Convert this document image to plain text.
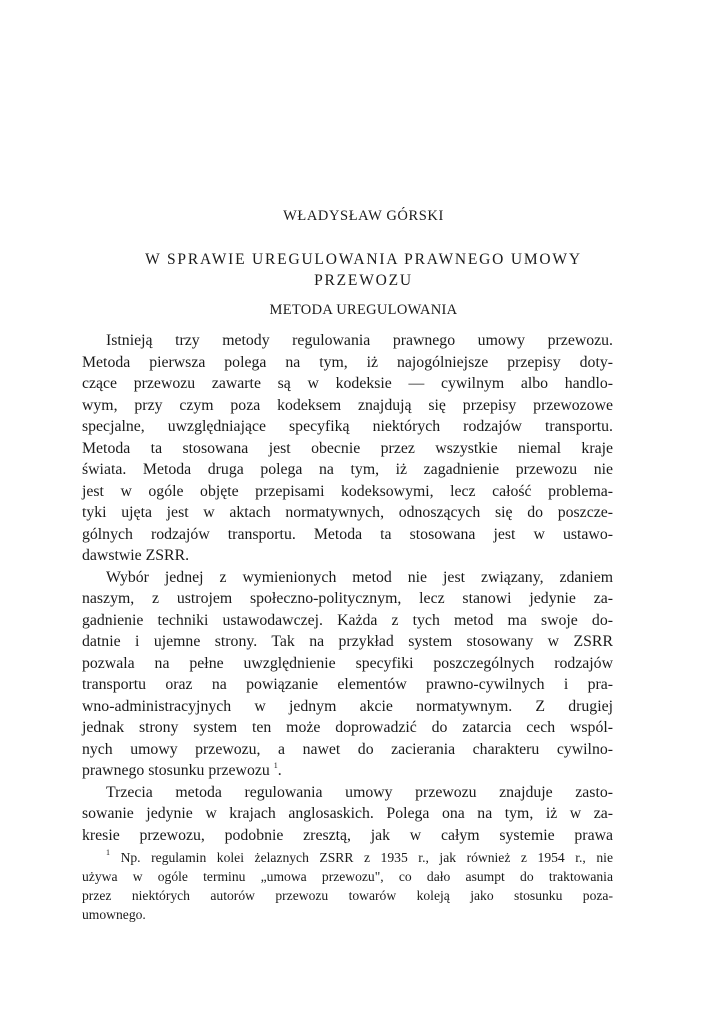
WŁADYSŁAW GÓRSKI
W SPRAWIE UREGULOWANIA PRAWNEGO UMOWY
PRZEWOZU
METODA UREGULOWANIA
Istnieją trzy metody regulowania prawnego umowy przewozu.
Metoda pierwsza polega na tym, iż najogólniejsze przepisy doty-
czące przewozu zawarte są w kodeksie — cywilnym albo handlo-
wym, przy czym poza kodeksem znajdują się przepisy przewozowe
specjalne, uwzględniające specyfiką niektórych rodzajów transportu.
Metoda ta stosowana jest obecnie przez wszystkie niemal kraje
świata. Metoda druga polega na tym, iż zagadnienie przewozu nie
jest w ogóle objęte przepisami kodeksowymi, lecz całość problema-
tyki ujęta jest w aktach normatywnych, odnoszących się do poszcze-
gólnych rodzajów transportu. Metoda ta stosowana jest w ustawo-
dawstwie ZSRR.
Wybór jednej z wymienionych metod nie jest związany, zdaniem
naszym, z ustrojem społeczno-politycznym, lecz stanowi jedynie za-
gadnienie techniki ustawodawczej. Każda z tych metod ma swoje do-
datnie i ujemne strony. Tak na przykład system stosowany w ZSRR
pozwala na pełne uwzględnienie specyfiki poszczególnych rodzajów
transportu oraz na powiązanie elementów prawno-cywilnych i pra-
wno-administracyjnych w jednym akcie normatywnym. Z drugiej
jednak strony system ten może doprowadzić do zatarcia cech wspól-
nych umowy przewozu, a nawet do zacierania charakteru cywilno-
prawnego stosunku przewozu $^1$.
Trzecia metoda regulowania umowy przewozu znajduje zasto-
sowanie jedynie w krajach anglosaskich. Polega ona na tym, iż w za-
kresie przewozu, podobnie zresztą, jak w całym systemie prawa
$^1$ Np. regulamin kolei żelaznych ZSRR z 1935 r., jak również z 1954 r., nie
używa w ogóle terminu „umowa przewozu", co dało asumpt do traktowania
przez niektórych autorów przewozu towarów koleją jako stosunku poza-
umownego.
